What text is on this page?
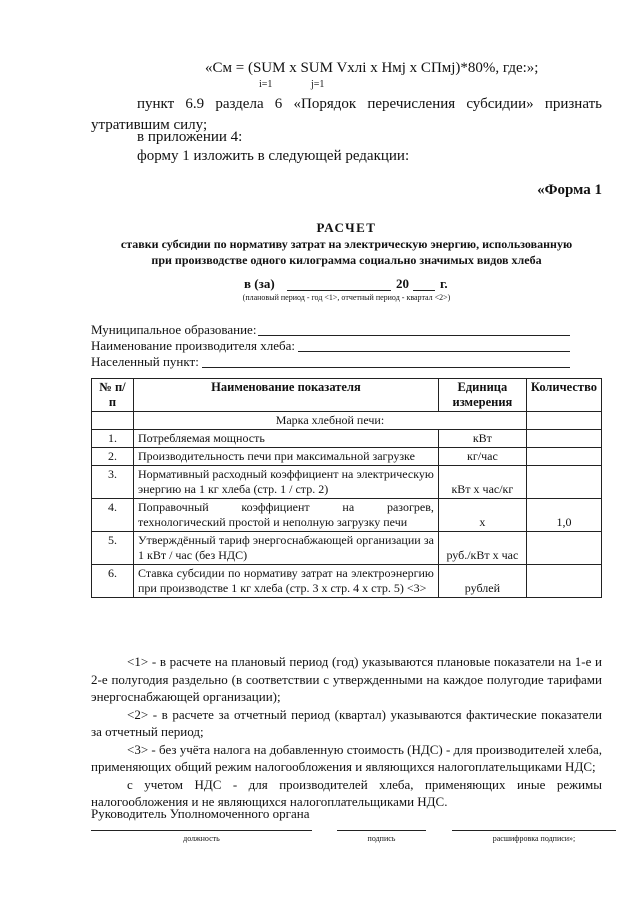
«Cм = (SUM x SUM Vxлi x Hмj x CПмj)*80%, где:»;
i=1	j=1
пункт 6.9 раздела 6 «Порядок перечисления субсидии» признать
утратившим силу;
в приложении 4:
форму 1 изложить в следующей редакции:
«Форма 1
РАСЧЕТ
ставки субсидии по нормативу затрат на электрическую энергию, использованную
при производстве одного килограмма социально значимых видов хлеба
в (за)	20 г.
(плановый период - год <1>, отчетный период - квартал <2>)
Муниципальное образование:
Наименование производителя хлеба:
Населенный пункт:
№ п/п	Наименование показателя	Единица измерения	Количество
	Марка хлебной печи:		
1.	Потребляемая мощность	кВт	
2.	Производительность печи при максимальной загрузке	кг/час	
3.	Нормативный расходный коэффициент на электрическую энергию на 1 кг хлеба (стр. 1 / стр. 2)	кВт x час/кг	
4.	Поправочный коэффициент на разогрев, технологический простой и неполную загрузку печи	x	1,0
5.	Утверждённый тариф энергоснабжающей организации за 1 кВт / час (без НДС)	руб./кВт x час	
6.	Ставка субсидии по нормативу затрат на электроэнергию при производстве 1 кг хлеба (стр. 3 x стр. 4 x стр. 5) <3>	рублей	

<1> - в расчете на плановый период (год) указываются плановые показатели на 1-е и 2-е полугодия раздельно (в соответствии с утвержденными на каждое полугодие тарифами энергоснабжающей организации);

<2> - в расчете за отчетный период (квартал) указываются фактические показатели за отчетный период;

<3> - без учёта налога на добавленную стоимость (НДС) - для производителей хлеба, применяющих общий режим налогообложения и являющихся налогоплательщиками НДС;

с учетом НДС - для производителей хлеба, применяющих иные режимы налогообложения и не являющихся налогоплательщиками НДС.

Руководитель Уполномоченного органа
должность	подпись	расшифровка подписи»;
